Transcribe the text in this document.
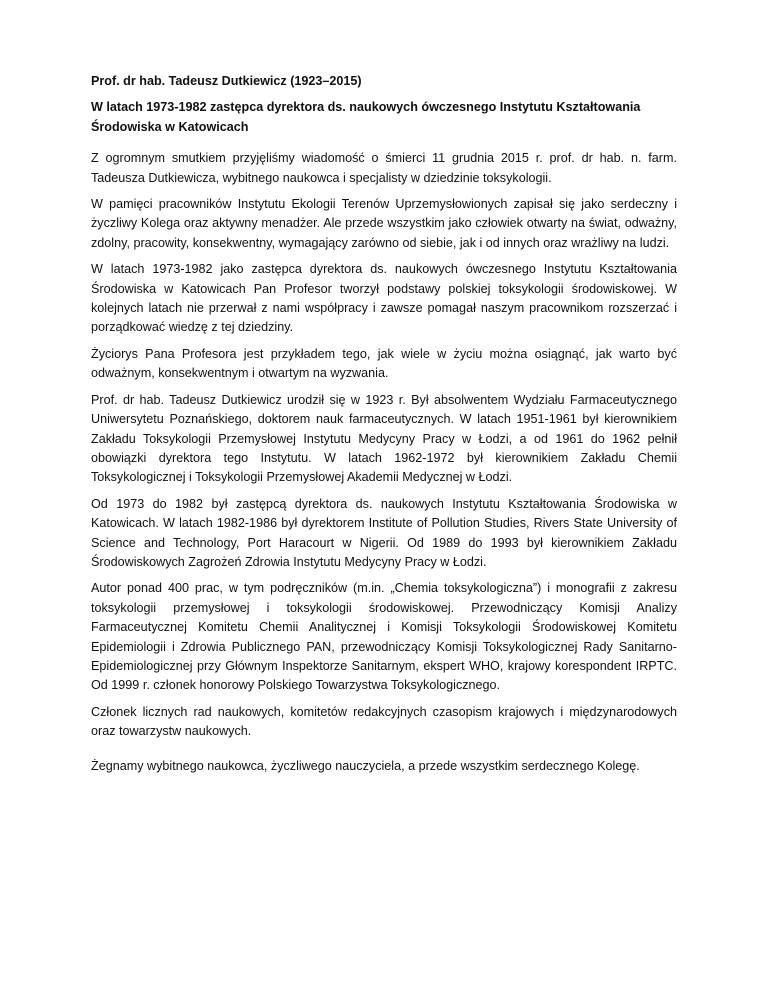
Prof. dr hab. Tadeusz Dutkiewicz (1923–2015)
W latach 1973-1982 zastępca dyrektora ds. naukowych ówczesnego Instytutu Kształtowania Środowiska w Katowicach
Z ogromnym smutkiem przyjęliśmy wiadomość o śmierci 11 grudnia 2015 r. prof. dr hab. n. farm. Tadeusza Dutkiewicza, wybitnego naukowca i specjalisty w dziedzinie toksykologii.
W pamięci pracowników Instytutu Ekologii Terenów Uprzemysłowionych zapisał się jako serdeczny i życzliwy Kolega oraz aktywny menadżer. Ale przede wszystkim jako człowiek otwarty na świat, odważny, zdolny, pracowity, konsekwentny, wymagający zarówno od siebie, jak i od innych oraz wrażliwy na ludzi.
W latach 1973-1982 jako zastępca dyrektora ds. naukowych ówczesnego Instytutu Kształtowania Środowiska w Katowicach Pan Profesor tworzył podstawy polskiej toksykologii środowiskowej. W kolejnych latach nie przerwał z nami współpracy i zawsze pomagał naszym pracownikom rozszerzać i porządkować wiedzę z tej dziedziny.
Życiorys Pana Profesora jest przykładem tego, jak wiele w życiu można osiągnąć, jak warto być odważnym, konsekwentnym i otwartym na wyzwania.
Prof. dr hab. Tadeusz Dutkiewicz urodził się w 1923 r. Był absolwentem Wydziału Farmaceutycznego Uniwersytetu Poznańskiego, doktorem nauk farmaceutycznych. W latach 1951-1961 był kierownikiem Zakładu Toksykologii Przemysłowej Instytutu Medycyny Pracy w Łodzi, a od 1961 do 1962 pełnił obowiązki dyrektora tego Instytutu. W latach 1962-1972 był kierownikiem Zakładu Chemii Toksykologicznej i Toksykologii Przemysłowej Akademii Medycznej w Łodzi.
Od 1973 do 1982 był zastępcą dyrektora ds. naukowych Instytutu Kształtowania Środowiska w Katowicach. W latach 1982-1986 był dyrektorem Institute of Pollution Studies, Rivers State University of Science and Technology, Port Haracourt w Nigerii. Od 1989 do 1993 był kierownikiem Zakładu Środowiskowych Zagrożeń Zdrowia Instytutu Medycyny Pracy w Łodzi.
Autor ponad 400 prac, w tym podręczników (m.in. „Chemia toksykologiczna”) i monografii z zakresu toksykologii przemysłowej i toksykologii środowiskowej. Przewodniczący Komisji Analizy Farmaceutycznej Komitetu Chemii Analitycznej i Komisji Toksykologii Środowiskowej Komitetu Epidemiologii i Zdrowia Publicznego PAN, przewodniczący Komisji Toksykologicznej Rady Sanitarno-Epidemiologicznej przy Głównym Inspektorze Sanitarnym, ekspert WHO, krajowy korespondent IRPTC. Od 1999 r. członek honorowy Polskiego Towarzystwa Toksykologicznego.
Członek licznych rad naukowych, komitetów redakcyjnych czasopism krajowych i międzynarodowych oraz towarzystw naukowych.
Żegnamy wybitnego naukowca, życzliwego nauczyciela, a przede wszystkim serdecznego Kolegę.
